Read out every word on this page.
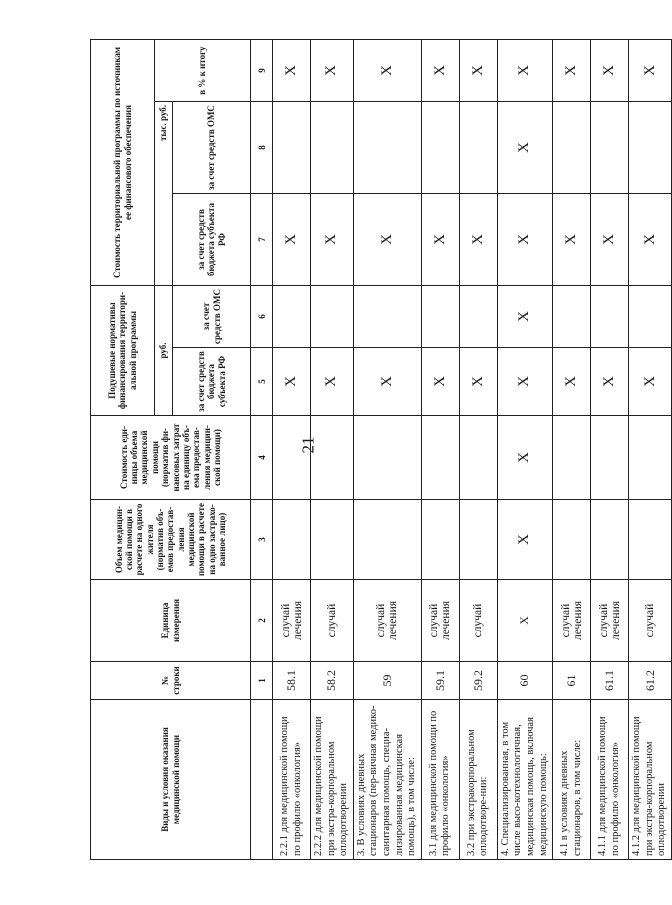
21
Виды и условия оказания медицинской помощи	№ строки	Единица измерения	Объем медицин-ской помощи в расчете на одного жителя (норматив объ-емов предостав-ления медицинской помощи в расчете на одно застрахо-ванное лицо)	Стоимость еди-ницы объема медицинской помощи (норматив фи-нансовых затрат на единицу объ-ема предостав-ления медицин-ской помощи)	Подушевые нормативы финансирования территори-альной программы		Стоимость территориальной программы по источникам ее финансового обеспечения		
					руб.		тыс. руб.		в % к итогу
					за счет средств бюджета субъекта РФ	за счет средств ОМС	за счет средств бюджета субъекта РФ	за счет средств ОМС	

	1	2	3	4	5	6	7	8	9
2.2.1 для медицинской помощи по профилю «онкология»	58.1	случай лечения			X		X		X
2.2.2 для медицинской помощи при экстра-корпоральном оплодотворении	58.2	случай			X		X		X
3. В условиях дневных стационаров (пер-вичная медико-санитарная помощь, специа-лизированная медицинская помощь), в том числе:	59	случай лечения			X		X		X
3.1 для медицинской помощи по профилю «онкология»	59.1	случай лечения			X		X		X
3.2 при экстракорпоральном оплодотворе-нии:	59.2	случай			X		X		X
4. Специализированная, в том числе высо-котехнологичная, медицинская помощь, включая медицинскую помощь:	60	X	X	X	X	X	X	X	X
4.1 в условиях дневных стационаров, в том числе:	61	случай лечения			X		X		X
4.1.1 для медицинской помощи по профилю «онкология»	61.1	случай лечения			X		X		X
4.1.2 для медицинской помощи при экстра-корпоральном оплодотворении	61.2	случай			X		X		X
